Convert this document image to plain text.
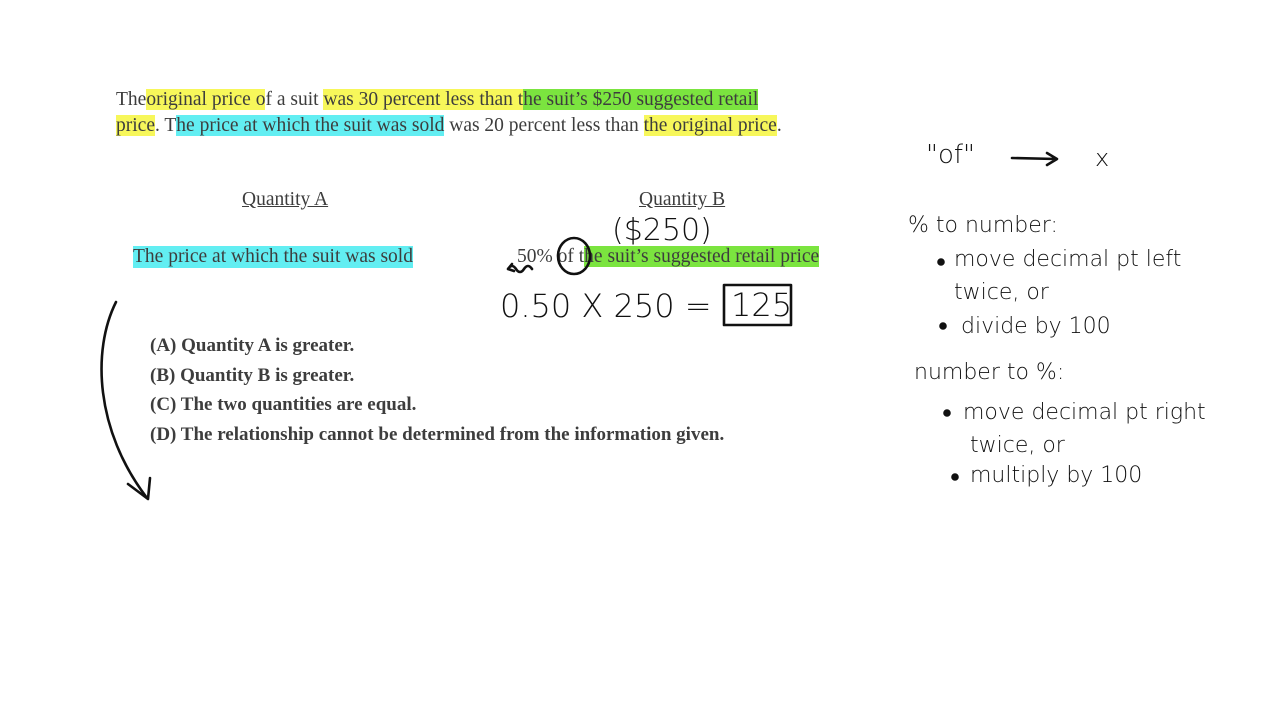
Theoriginal price of a suit was 30 percent less than the suit’s $250 suggested retail
price. The price at which the suit was sold was 20 percent less than the original price.
Quantity A	Quantity B
The price at which the suit was sold	50% of the suit’s suggested retail price
(A) Quantity A is greater.
(B) Quantity B is greater.
(C) The two quantities are equal.
(D) The relationship cannot be determined from the information given.
($250)
0.50 X 250 = 125
"of"	x
% to number:
move decimal pt left
twice, or
divide by 100
number to %:
move decimal pt right
twice, or
multiply by 100
